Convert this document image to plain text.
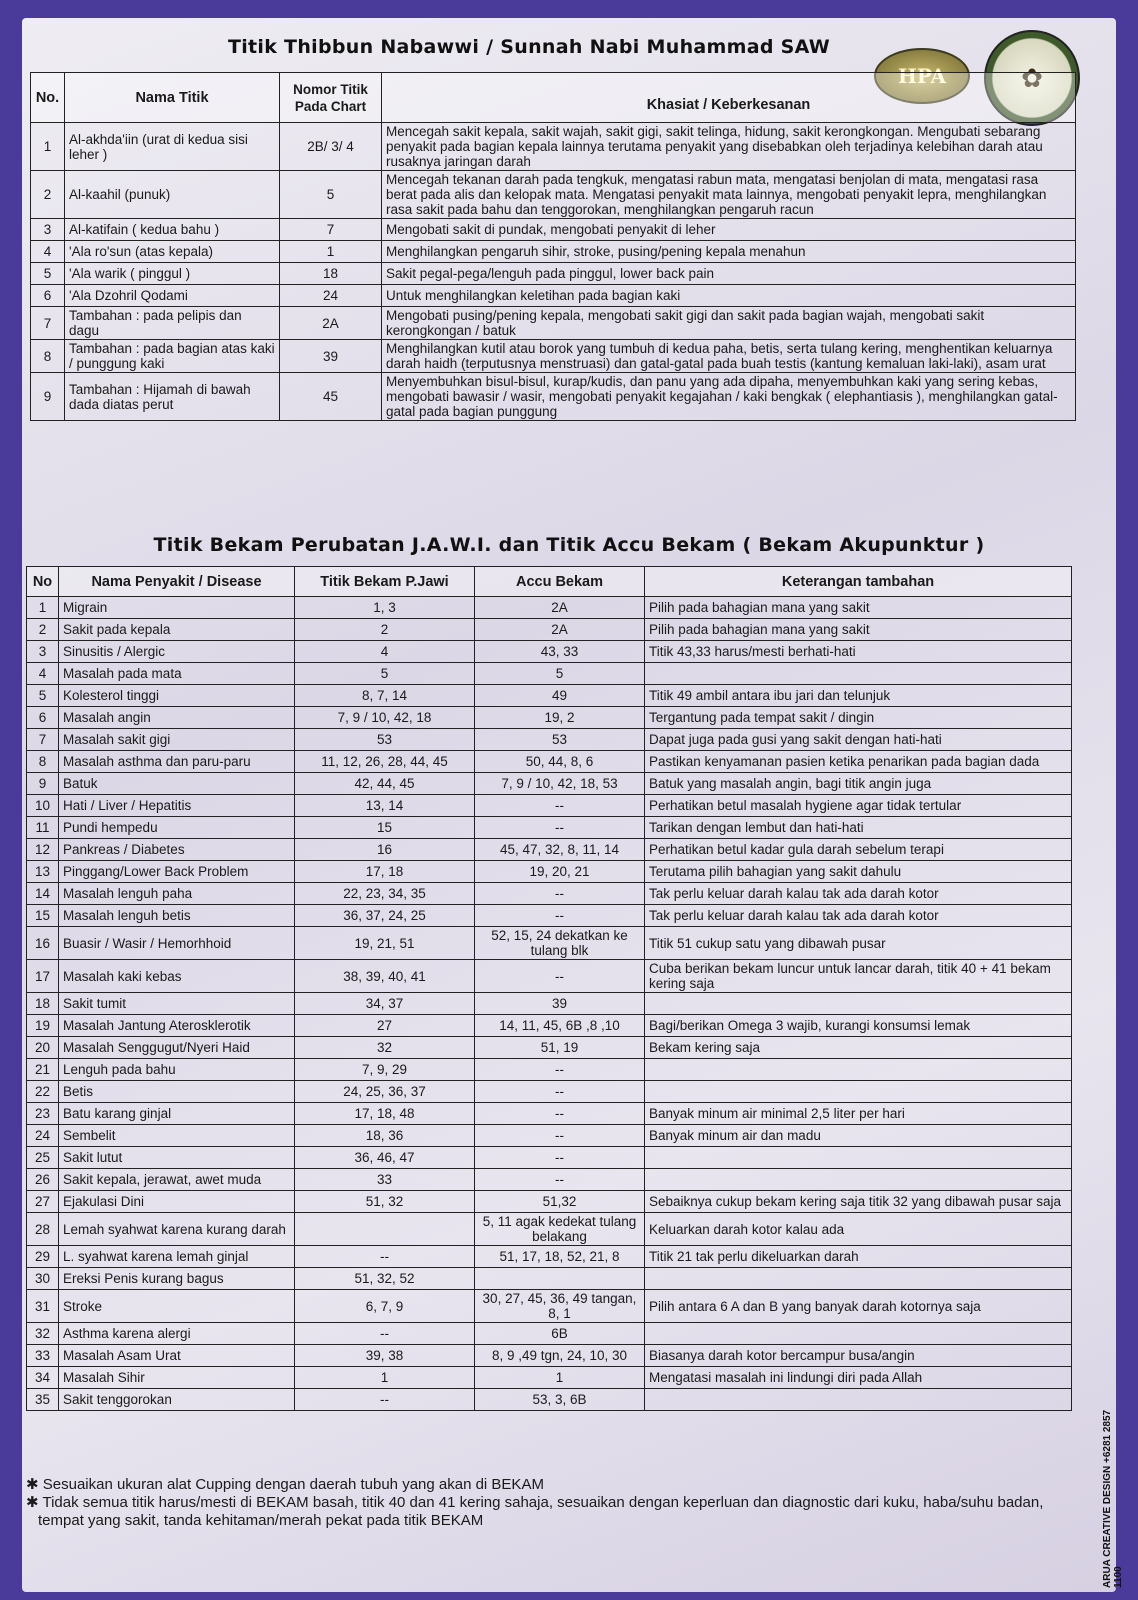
Titik Thibbun Nabawwi / Sunnah Nabi Muhammad SAW
HPA	✿
No.	Nama Titik	Nomor Titik Pada Chart	Khasiat / Keberkesanan
1	Al-akhda'iin (urat di kedua sisi leher )	2B/ 3/ 4	Mencegah sakit kepala, sakit wajah, sakit gigi, sakit telinga, hidung, sakit kerongkongan. Mengubati sebarang penyakit pada bagian kepala lainnya terutama penyakit yang disebabkan oleh terjadinya kelebihan darah atau rusaknya jaringan darah
2	Al-kaahil (punuk)	5	Mencegah tekanan darah pada tengkuk, mengatasi rabun mata, mengatasi benjolan di mata, mengatasi rasa berat pada alis dan kelopak mata. Mengatasi penyakit mata lainnya, mengobati penyakit lepra, menghilangkan rasa sakit pada bahu dan tenggorokan, menghilangkan pengaruh racun
3	Al-katifain ( kedua bahu )	7	Mengobati sakit di pundak, mengobati penyakit di leher
4	'Ala ro'sun (atas kepala)	1	Menghilangkan pengaruh sihir, stroke, pusing/pening kepala menahun
5	'Ala warik ( pinggul )	18	Sakit pegal-pega/lenguh pada pinggul, lower back pain
6	'Ala Dzohril Qodami	24	Untuk menghilangkan keletihan pada bagian kaki
7	Tambahan : pada pelipis dan dagu	2A	Mengobati pusing/pening kepala, mengobati sakit gigi dan sakit pada bagian wajah, mengobati sakit kerongkongan / batuk
8	Tambahan : pada bagian atas kaki / punggung kaki	39	Menghilangkan kutil atau borok yang tumbuh di kedua paha, betis, serta tulang kering, menghentikan keluarnya darah haidh (terputusnya menstruasi) dan gatal-gatal pada buah testis (kantung kemaluan laki-laki), asam urat
9	Tambahan : Hijamah di bawah dada diatas perut	45	Menyembuhkan bisul-bisul, kurap/kudis, dan panu yang ada dipaha, menyembuhkan kaki yang sering kebas, mengobati bawasir / wasir, mengobati penyakit kegajahan / kaki bengkak ( elephantiasis ), menghilangkan gatal-gatal pada bagian punggung
Titik Bekam Perubatan J.A.W.I. dan Titik Accu Bekam ( Bekam Akupunktur )
No	Nama Penyakit / Disease	Titik Bekam P.Jawi	Accu Bekam	Keterangan tambahan
1	Migrain	1, 3	2A	Pilih pada bahagian mana yang sakit
2	Sakit pada kepala	2	2A	Pilih pada bahagian mana yang sakit
3	Sinusitis / Alergic	4	43, 33	Titik 43,33 harus/mesti berhati-hati
4	Masalah pada mata	5	5	
5	Kolesterol tinggi	8, 7, 14	49	Titik 49 ambil antara ibu jari dan telunjuk
6	Masalah angin	7, 9 / 10, 42, 18	19, 2	Tergantung pada tempat sakit / dingin
7	Masalah sakit gigi	53	53	Dapat juga pada gusi yang sakit dengan hati-hati
8	Masalah asthma dan paru-paru	11, 12, 26, 28, 44, 45	50, 44, 8, 6	Pastikan kenyamanan pasien ketika penarikan pada bagian dada
9	Batuk	42, 44, 45	7, 9 / 10, 42, 18, 53	Batuk yang masalah angin, bagi titik angin juga
10	Hati / Liver / Hepatitis	13, 14	--	Perhatikan betul masalah hygiene agar tidak tertular
11	Pundi hempedu	15	--	Tarikan dengan lembut dan hati-hati
12	Pankreas / Diabetes	16	45, 47, 32, 8, 11, 14	Perhatikan betul kadar gula darah sebelum terapi
13	Pinggang/Lower Back Problem	17, 18	19, 20, 21	Terutama pilih bahagian yang sakit dahulu
14	Masalah lenguh paha	22, 23, 34, 35	--	Tak perlu keluar darah kalau tak ada darah kotor
15	Masalah lenguh betis	36, 37, 24, 25	--	Tak perlu keluar darah kalau tak ada darah kotor
16	Buasir / Wasir / Hemorhhoid	19, 21, 51	52, 15, 24 dekatkan ke tulang blk	Titik 51 cukup satu yang dibawah pusar
17	Masalah kaki kebas	38, 39, 40, 41	--	Cuba berikan bekam luncur untuk lancar darah, titik 40 + 41 bekam kering saja
18	Sakit tumit	34, 37	39	
19	Masalah Jantung Aterosklerotik	27	14, 11, 45, 6B ,8 ,10	Bagi/berikan Omega 3 wajib, kurangi konsumsi lemak
20	Masalah Senggugut/Nyeri Haid	32	51, 19	Bekam kering saja
21	Lenguh pada bahu	7, 9, 29	--	
22	Betis	24, 25, 36, 37	--	
23	Batu karang ginjal	17, 18, 48	--	Banyak minum air minimal 2,5 liter per hari
24	Sembelit	18, 36	--	Banyak minum air dan madu
25	Sakit lutut	36, 46, 47	--	
26	Sakit kepala, jerawat, awet muda	33	--	
27	Ejakulasi Dini	51, 32	51,32	Sebaiknya cukup bekam kering saja titik 32 yang dibawah pusar saja
28	Lemah syahwat karena kurang darah		5, 11 agak kedekat tulang belakang	Keluarkan darah kotor kalau ada
29	L. syahwat karena lemah ginjal	--	51, 17, 18, 52, 21, 8	Titik 21 tak perlu dikeluarkan darah
30	Ereksi Penis kurang bagus	51, 32, 52		
31	Stroke	6, 7, 9	30, 27, 45, 36, 49 tangan, 8, 1	Pilih antara 6 A dan B yang banyak darah kotornya saja
32	Asthma karena alergi	--	6B	
33	Masalah Asam Urat	39, 38	8, 9 ,49 tgn, 24, 10, 30	Biasanya darah kotor bercampur busa/angin
34	Masalah Sihir	1	1	Mengatasi masalah ini lindungi diri pada Allah
35	Sakit tenggorokan	--	53, 3, 6B	
✱ Sesuaikan ukuran alat Cupping dengan daerah tubuh yang akan di BEKAM
✱ Tidak semua titik harus/mesti di BEKAM basah, titik 40 dan 41 kering sahaja, sesuaikan dengan keperluan dan diagnostic dari kuku, haba/suhu badan, tempat yang sakit, tanda kehitaman/merah pekat pada titik BEKAM	ARUA CREATIVE DESIGN +6281 2857 1100
